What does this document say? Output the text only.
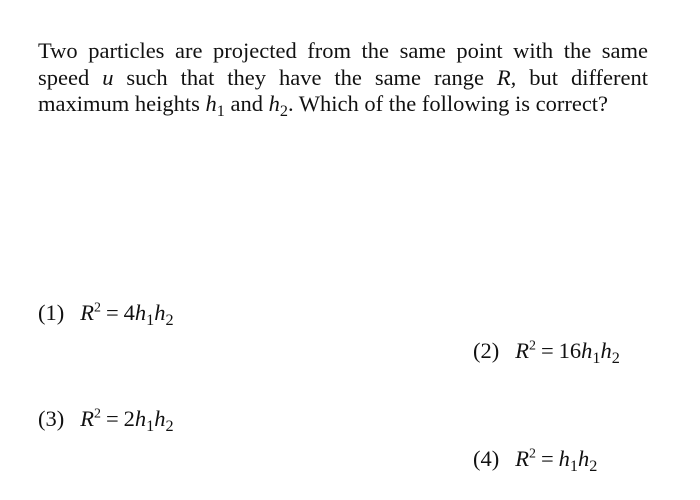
Two particles are projected from the same point with the same
speed u such that they have the same range R, but different
maximum heights $h_1$ and $h_2$. Which of the following is correct?
(1) $R^2 = 4h_1h_2$
(2) $R^2 = 16h_1h_2$
(3) $R^2 = 2h_1h_2$
(4) $R^2 = h_1h_2$
